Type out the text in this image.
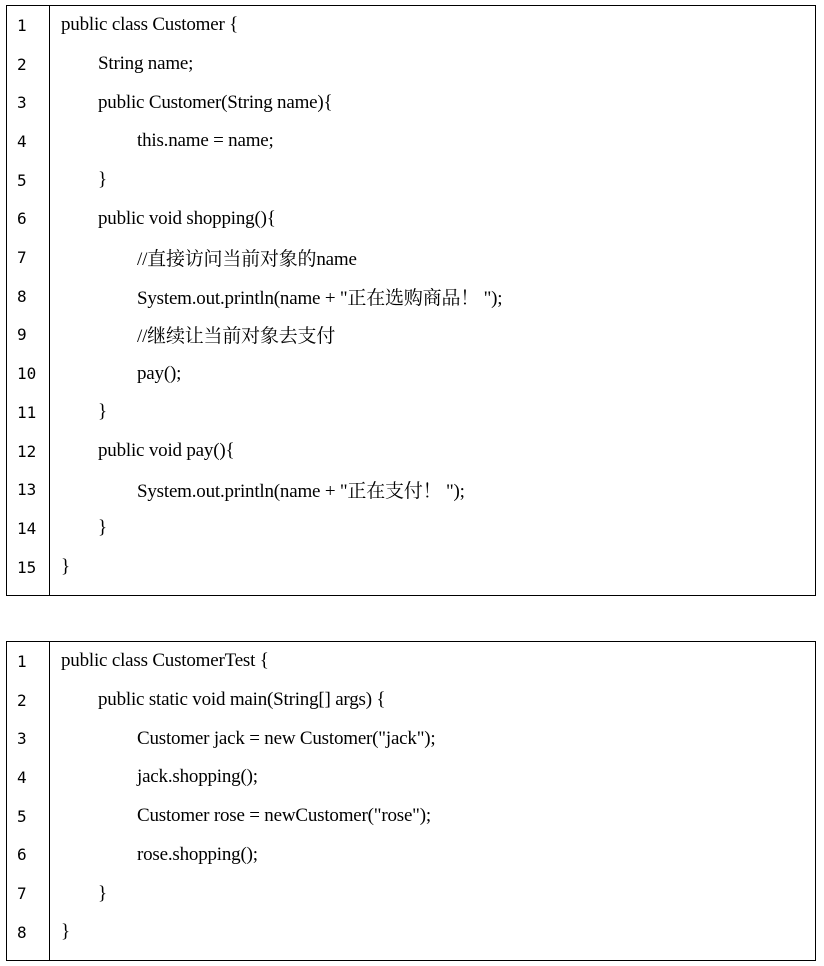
1 public class Customer {
2	String name;
3	public Customer(String name){
4	this.name = name;
5	}
6	public void shopping(){
7	//直接访问当前对象的name
8	System.out.println(name + "正在选购商品！ ");
9	//继续让当前对象去支付
10	pay();
11	}
12	public void pay(){
13	System.out.println(name + "正在支付！ ");
14	}
15 }
1 public class CustomerTest {
2	public static void main(String[] args) {
3	Customer jack = new Customer("jack");
4	jack.shopping();
5	Customer rose = newCustomer("rose");
6	rose.shopping();
7	}
8 }
